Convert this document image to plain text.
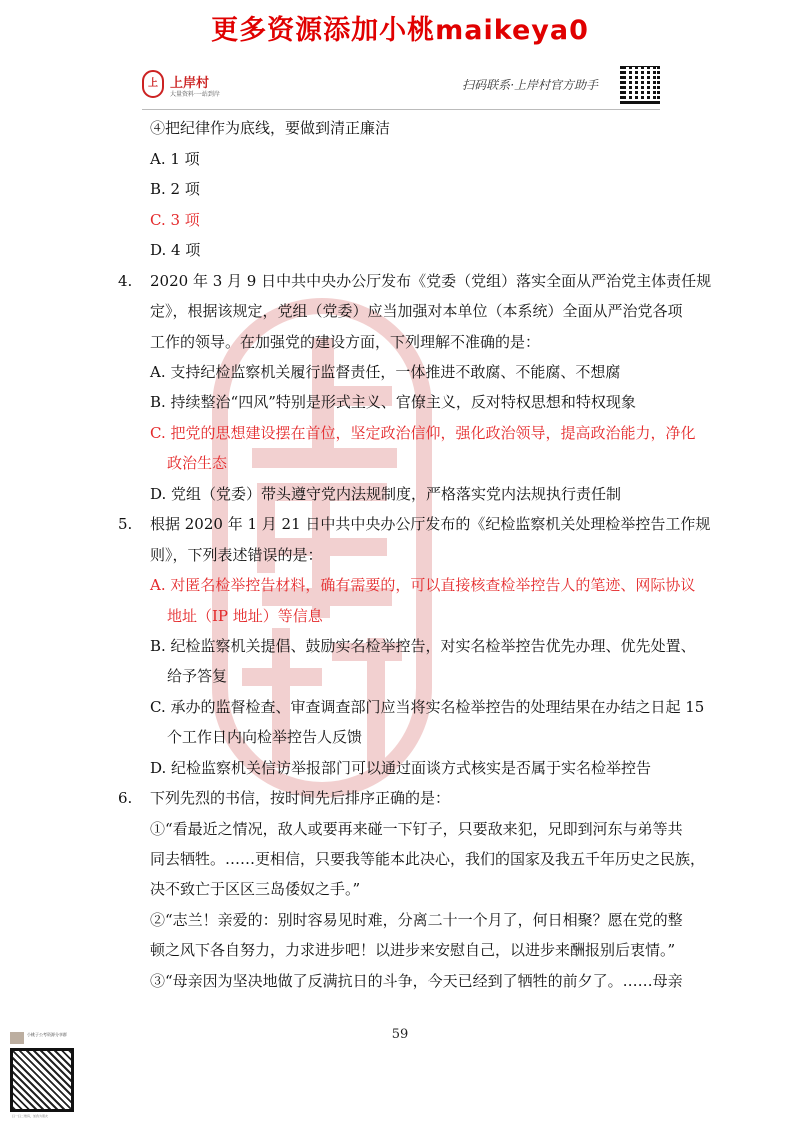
更多资源添加小桃maikeya0
上 上岸村
大量资料·一站到岸
扫码联系·上岸村官方助手
④把纪律作为底线，要做到清正廉洁
A. 1 项
B. 2 项
C. 3 项
D. 4 项
4. 2020 年 3 月 9 日中共中央办公厅发布《党委（党组）落实全面从严治党主体责任规
定》，根据该规定，党组（党委）应当加强对本单位（本系统）全面从严治党各项
工作的领导。在加强党的建设方面，下列理解不准确的是：
A. 支持纪检监察机关履行监督责任，一体推进不敢腐、不能腐、不想腐
B. 持续整治“四风”特别是形式主义、官僚主义，反对特权思想和特权现象
C. 把党的思想建设摆在首位，坚定政治信仰，强化政治领导，提高政治能力，净化
政治生态
D. 党组（党委）带头遵守党内法规制度，严格落实党内法规执行责任制
5. 根据 2020 年 1 月 21 日中共中央办公厅发布的《纪检监察机关处理检举控告工作规
则》，下列表述错误的是：
A. 对匿名检举控告材料，确有需要的，可以直接核查检举控告人的笔迹、网际协议
地址（IP 地址）等信息
B. 纪检监察机关提倡、鼓励实名检举控告，对实名检举控告优先办理、优先处置、
给予答复
C. 承办的监督检查、审查调查部门应当将实名检举控告的处理结果在办结之日起 15
个工作日内向检举控告人反馈
D. 纪检监察机关信访举报部门可以通过面谈方式核实是否属于实名检举控告
6. 下列先烈的书信，按时间先后排序正确的是：
①“看最近之情况，敌人或要再来碰一下钉子，只要敌来犯，兄即到河东与弟等共
同去牺牲。……更相信，只要我等能本此决心，我们的国家及我五千年历史之民族，
决不致亡于区区三岛倭奴之手。”
②“志兰！亲爱的：别时容易见时难，分离二十一个月了，何日相聚？愿在党的整
顿之风下各自努力，力求进步吧！以进步来安慰自己，以进步来酬报别后衷情。”
③“母亲因为坚决地做了反满抗日的斗争，今天已经到了牺牲的前夕了。……母亲
59
小桃子公考资源分享群
扫一扫二维码，加我为朋友
